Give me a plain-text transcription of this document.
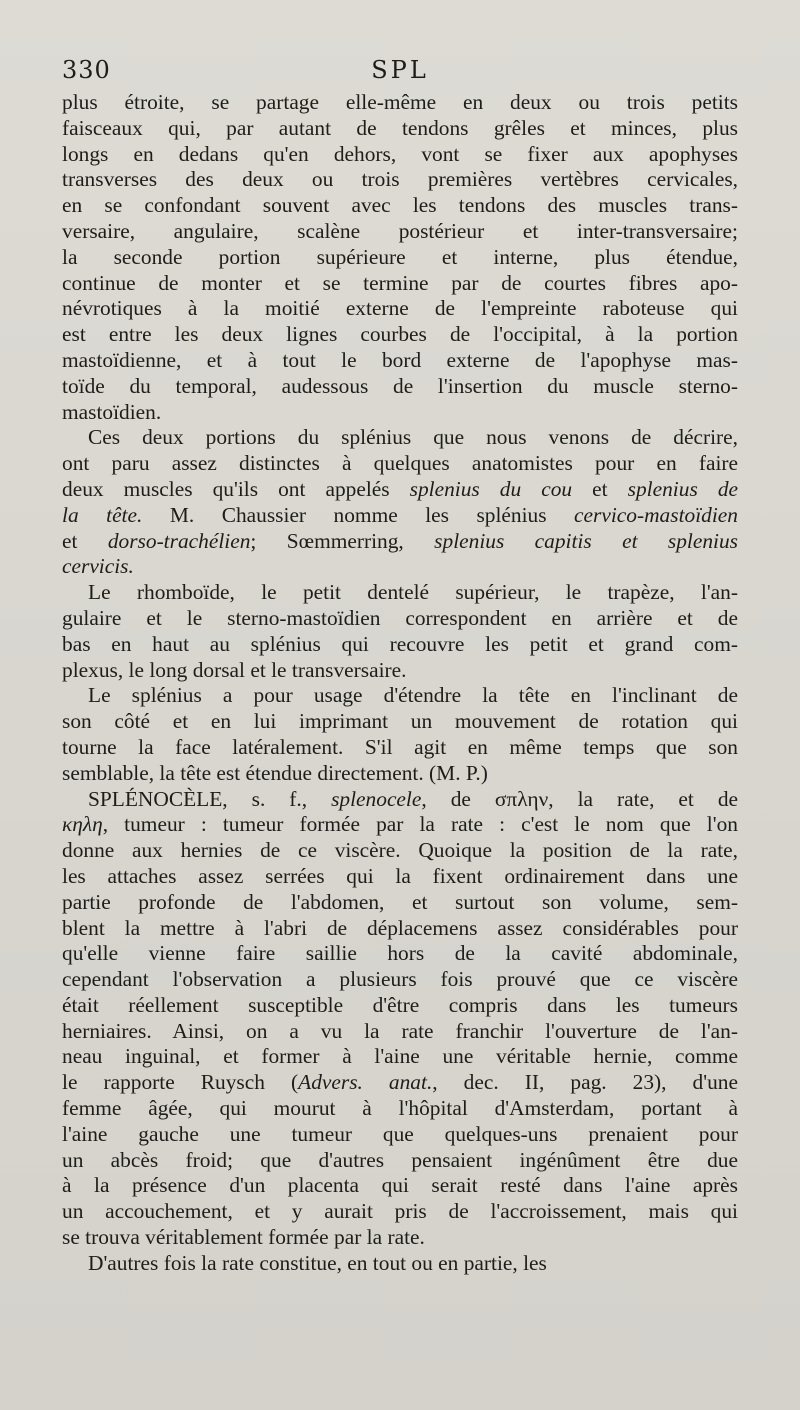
330	SPL
plus étroite, se partage elle-même en deux ou trois petits
faisceaux qui, par autant de tendons grêles et minces, plus
longs en dedans qu'en dehors, vont se fixer aux apophyses
transverses des deux ou trois premières vertèbres cervicales,
en se confondant souvent avec les tendons des muscles trans-
versaire, angulaire, scalène postérieur et inter-transversaire;
la seconde portion supérieure et interne, plus étendue,
continue de monter et se termine par de courtes fibres apo-
névrotiques à la moitié externe de l'empreinte raboteuse qui
est entre les deux lignes courbes de l'occipital, à la portion
mastoïdienne, et à tout le bord externe de l'apophyse mas-
toïde du temporal, audessous de l'insertion du muscle sterno-
mastoïdien.
Ces deux portions du splénius que nous venons de décrire,
ont paru assez distinctes à quelques anatomistes pour en faire
deux muscles qu'ils ont appelés splenius du cou et splenius de
la tête. M. Chaussier nomme les splénius cervico-mastoïdien
et dorso-trachélien; Sœmmerring, splenius capitis et splenius
cervicis.
Le rhomboïde, le petit dentelé supérieur, le trapèze, l'an-
gulaire et le sterno-mastoïdien correspondent en arrière et de
bas en haut au splénius qui recouvre les petit et grand com-
plexus, le long dorsal et le transversaire.
Le splénius a pour usage d'étendre la tête en l'inclinant de
son côté et en lui imprimant un mouvement de rotation qui
tourne la face latéralement. S'il agit en même temps que son
semblable, la tête est étendue directement. (M. P.)
SPLÉNOCÈLE, s. f., splenocele, de σπλην, la rate, et de
κηλη, tumeur : tumeur formée par la rate : c'est le nom que l'on
donne aux hernies de ce viscère. Quoique la position de la rate,
les attaches assez serrées qui la fixent ordinairement dans une
partie profonde de l'abdomen, et surtout son volume, sem-
blent la mettre à l'abri de déplacemens assez considérables pour
qu'elle vienne faire saillie hors de la cavité abdominale,
cependant l'observation a plusieurs fois prouvé que ce viscère
était réellement susceptible d'être compris dans les tumeurs
herniaires. Ainsi, on a vu la rate franchir l'ouverture de l'an-
neau inguinal, et former à l'aine une véritable hernie, comme
le rapporte Ruysch (Advers. anat., dec. II, pag. 23), d'une
femme âgée, qui mourut à l'hôpital d'Amsterdam, portant à
l'aine gauche une tumeur que quelques-uns prenaient pour
un abcès froid; que d'autres pensaient ingénûment être due
à la présence d'un placenta qui serait resté dans l'aine après
un accouchement, et y aurait pris de l'accroissement, mais qui
se trouva véritablement formée par la rate.
D'autres fois la rate constitue, en tout ou en partie, les
